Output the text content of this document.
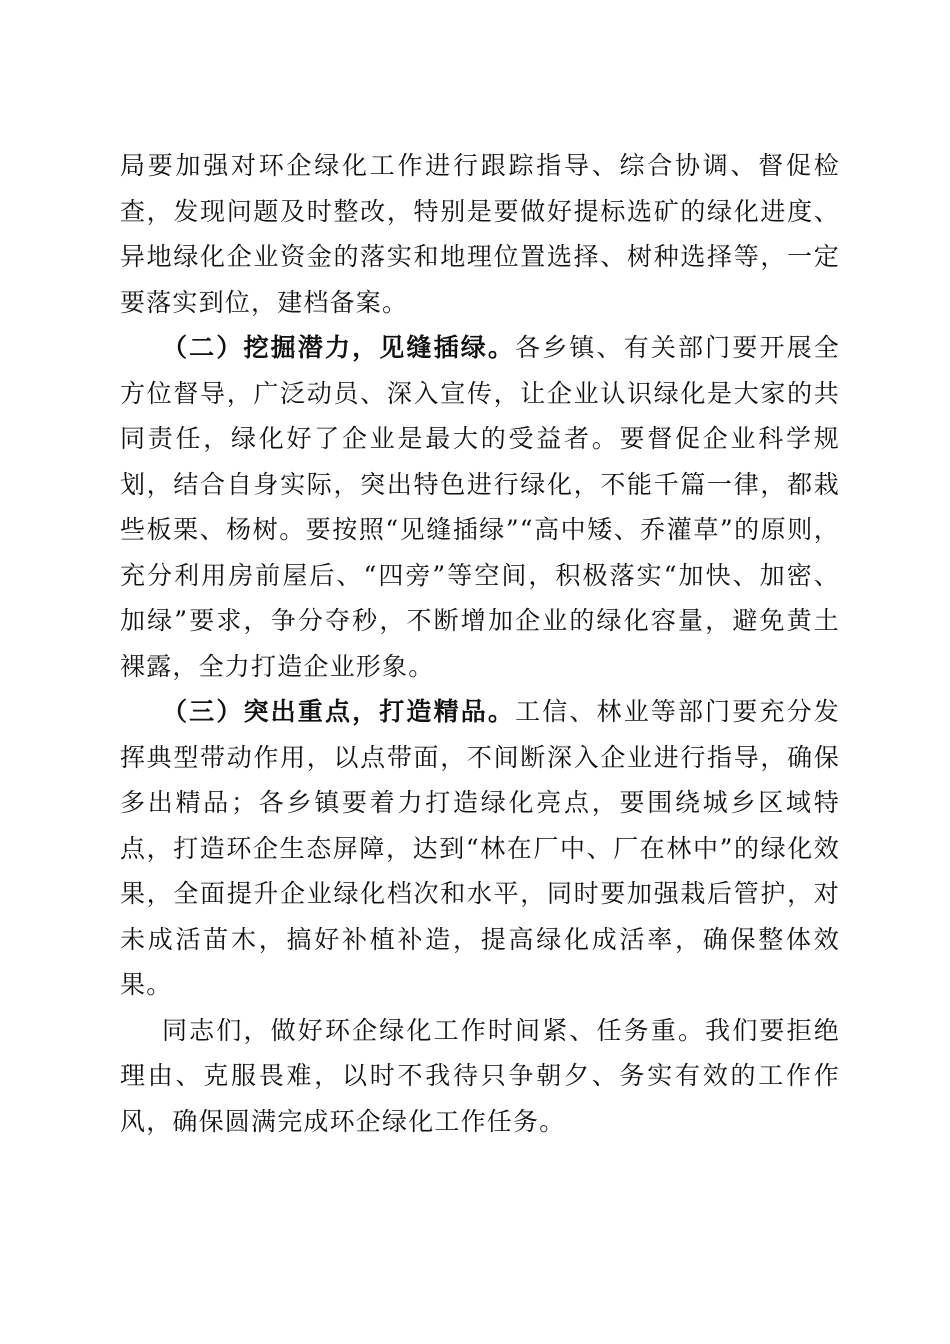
局要加强对环企绿化工作进行跟踪指导、综合协调、督促检查，发现问题及时整改，特别是要做好提标选矿的绿化进度、异地绿化企业资金的落实和地理位置选择、树种选择等，一定要落实到位，建档备案。

（二）挖掘潜力，见缝插绿。各乡镇、有关部门要开展全方位督导，广泛动员、深入宣传，让企业认识绿化是大家的共同责任，绿化好了企业是最大的受益者。要督促企业科学规划，结合自身实际，突出特色进行绿化，不能千篇一律，都栽些板栗、杨树。要按照“见缝插绿”“高中矮、乔灌草”的原则，充分利用房前屋后、“四旁”等空间，积极落实“加快、加密、加绿”要求，争分夺秒，不断增加企业的绿化容量，避免黄土裸露，全力打造企业形象。

（三）突出重点，打造精品。工信、林业等部门要充分发挥典型带动作用，以点带面，不间断深入企业进行指导，确保多出精品；各乡镇要着力打造绿化亮点，要围绕城乡区域特点，打造环企生态屏障，达到“林在厂中、厂在林中”的绿化效果，全面提升企业绿化档次和水平，同时要加强栽后管护，对未成活苗木，搞好补植补造，提高绿化成活率，确保整体效果。

同志们，做好环企绿化工作时间紧、任务重。我们要拒绝理由、克服畏难，以时不我待只争朝夕、务实有效的工作作风，确保圆满完成环企绿化工作任务。
